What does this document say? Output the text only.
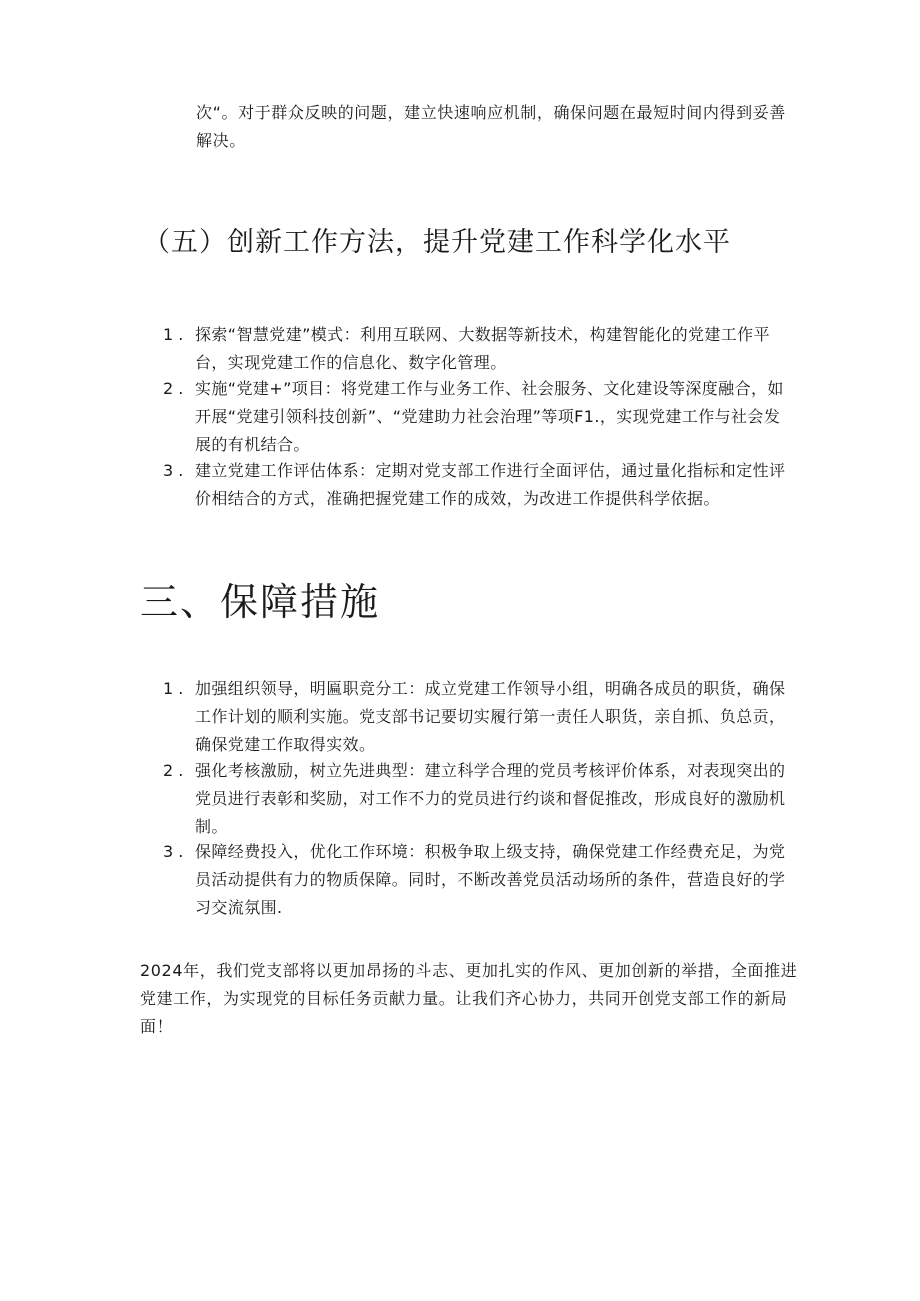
次“。对于群众反映的问题，建立快速响应机制，确保问题在最短时间内得到妥善解决。

（五）创新工作方法，提升党建工作科学化水平
1 . 探索“智慧党建”模式：利用互联网、大数据等新技术，构建智能化的党建工作平台，实现党建工作的信息化、数字化管理。
2 . 实施“党建+”项目：将党建工作与业务工作、社会服务、文化建设等深度融合，如开展“党建引领科技创新”、“党建助力社会治理”等项F1.，实现党建工作与社会发展的有机结合。
3 . 建立党建工作评估体系：定期对党支部工作进行全面评估，通过量化指标和定性评价相结合的方式，准确把握党建工作的成效，为改进工作提供科学依据。
三、保障措施
1 . 加强组织领导，明匾职竞分工：成立党建工作领导小组，明确各成员的职货，确保工作计划的顺利实施。党支部书记要切实履行第一责任人职货，亲自抓、负总贡，确保党建工作取得实效。
2 . 强化考核激励，树立先进典型：建立科学合理的党员考核评价体系，对表现突出的党员进行表彰和奖励，对工作不力的党员进行约谈和督促推改，形成良好的激励机制。
3 . 保障经费投入，优化工作环境：积极争取上级支持，确保党建工作经费充足，为党员活动提供有力的物质保障。同时，不断改善党员活动场所的条件，营造良好的学习交流氛围.

2024年，我们党支部将以更加昂扬的斗志、更加扎实的作风、更加创新的举措，全面推进党建工作，为实现党的目标任务贡献力量。让我们齐心协力，共同开创党支部工作的新局面！
